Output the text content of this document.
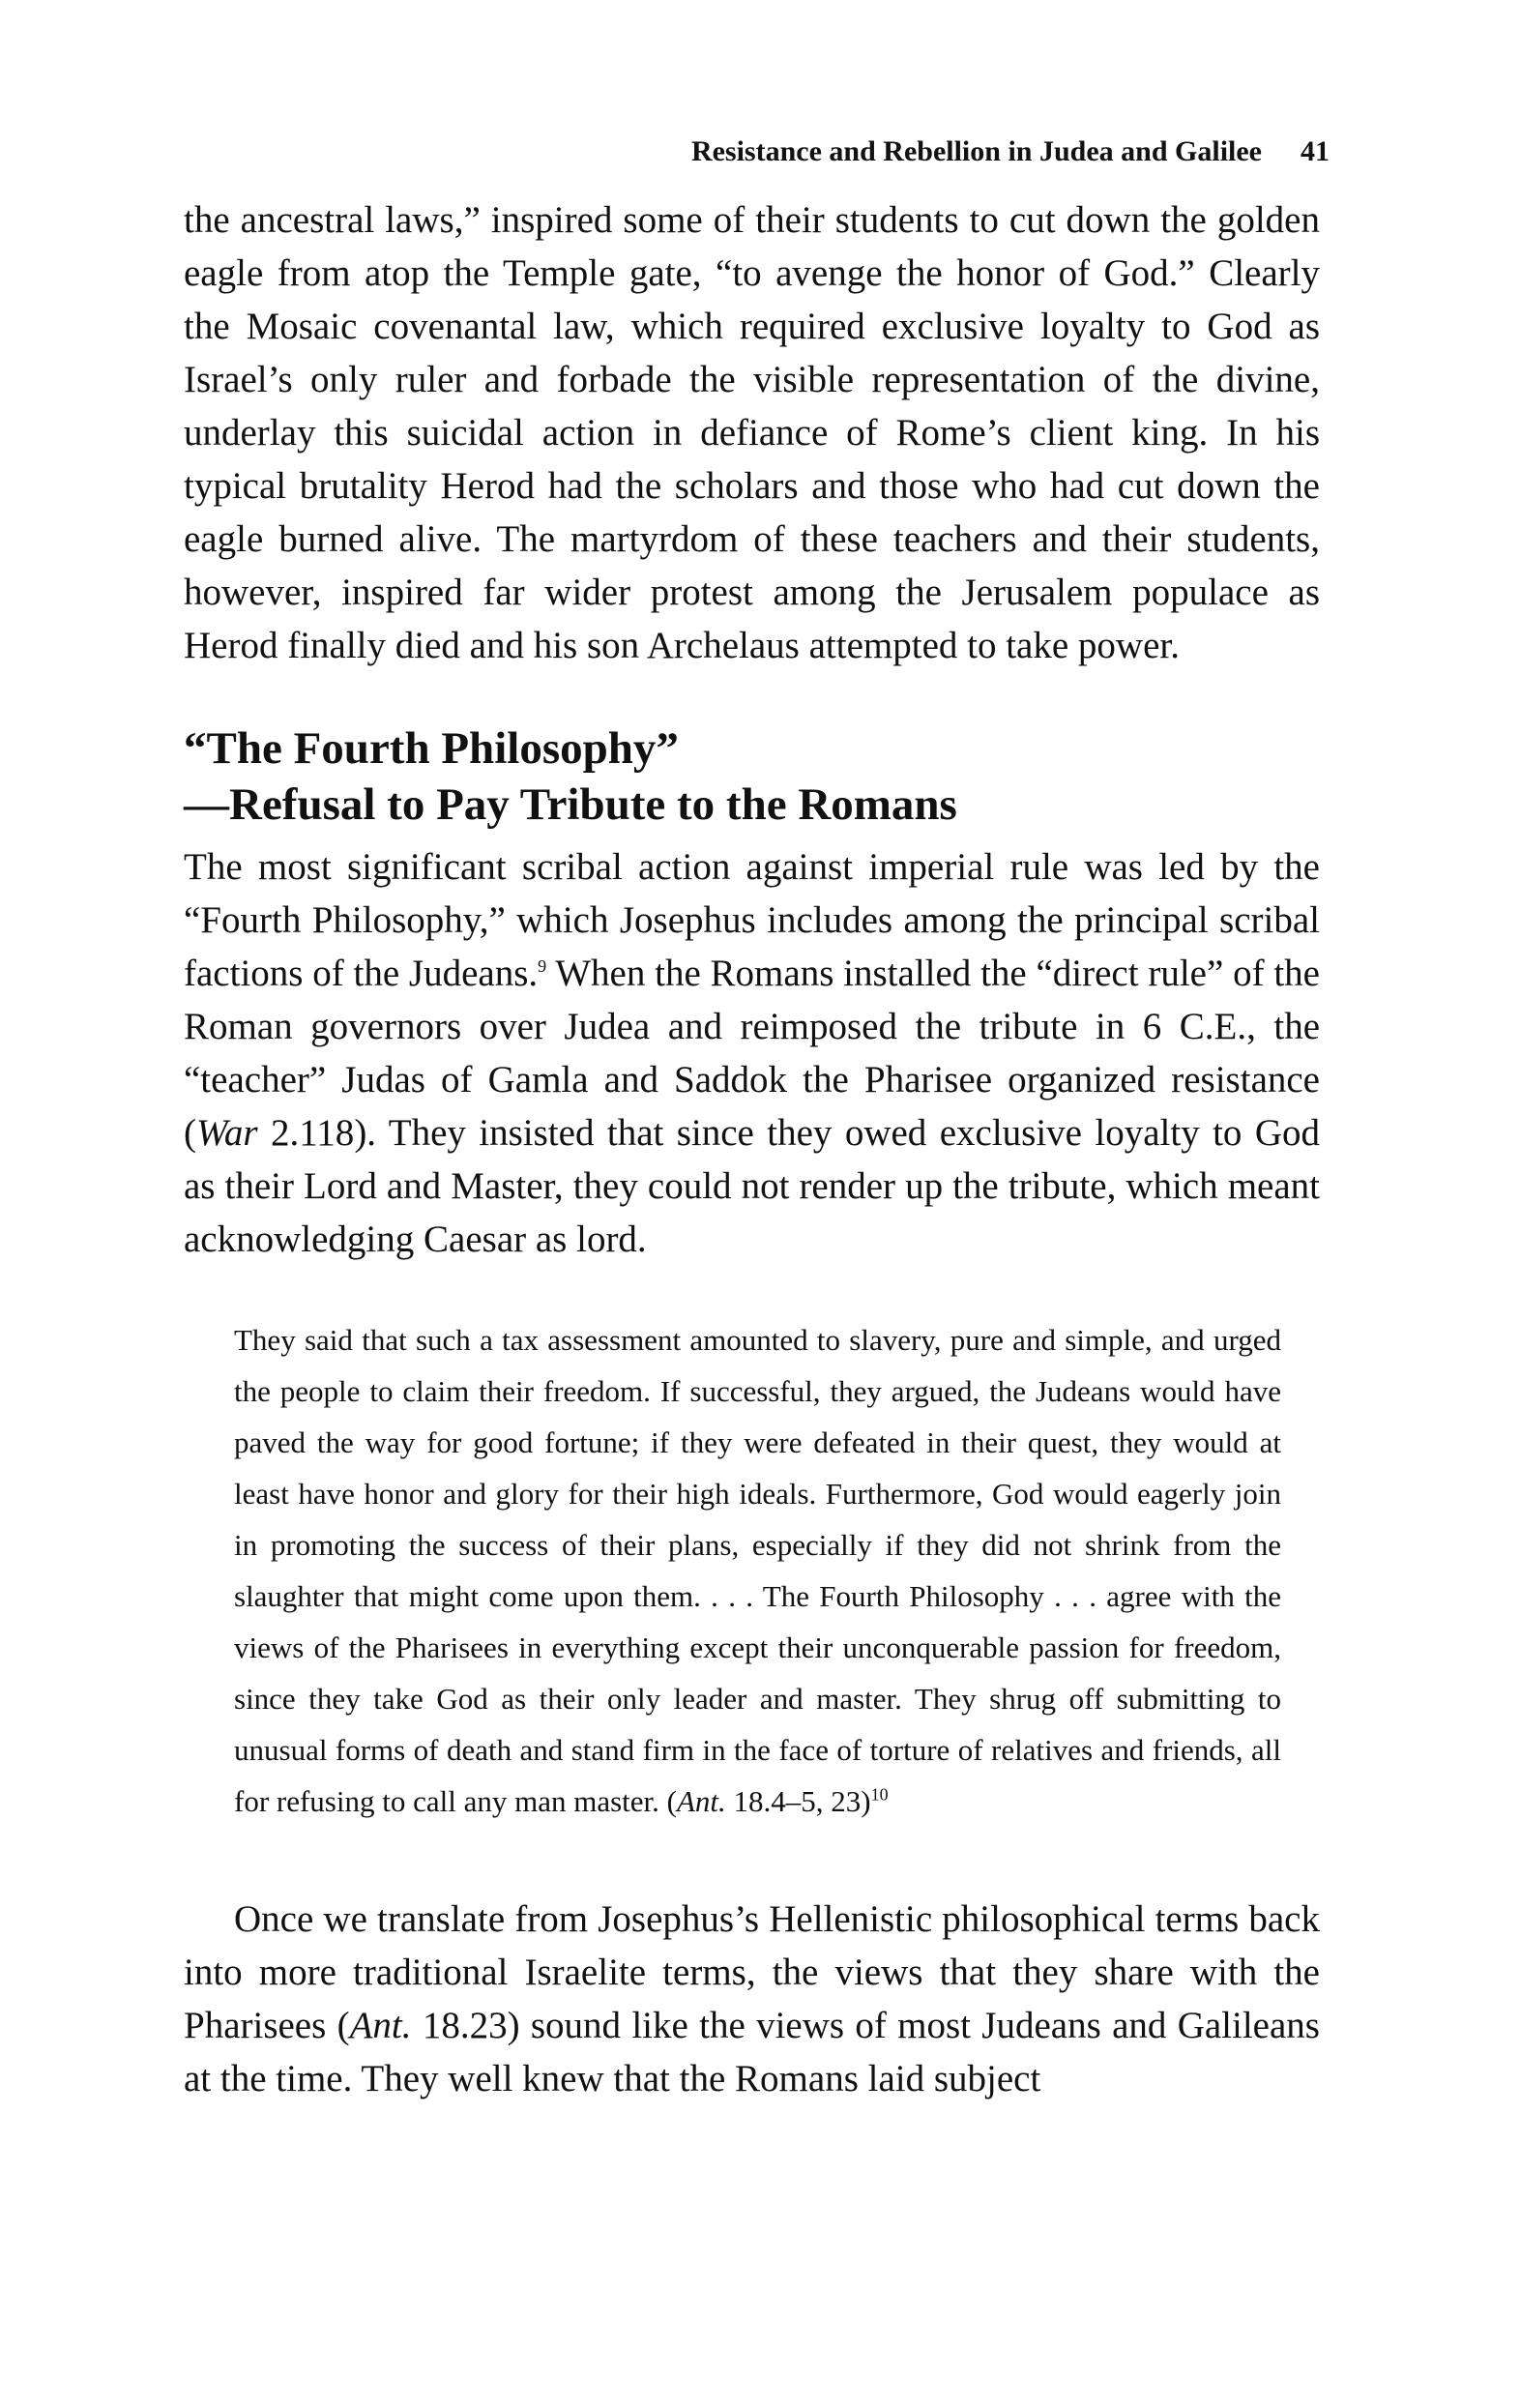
Resistance and Rebellion in Judea and Galilee 41

the ancestral laws,” inspired some of their students to cut down the golden eagle from atop the Temple gate, “to avenge the honor of God.” Clearly the Mosaic covenantal law, which required exclusive loyalty to God as Israel’s only ruler and forbade the visible representation of the divine, underlay this suicidal action in defiance of Rome’s client king. In his typical brutality Herod had the scholars and those who had cut down the eagle burned alive. The martyrdom of these teachers and their students, however, inspired far wider protest among the Jerusalem populace as Herod finally died and his son Archelaus attempted to take power.

“The Fourth Philosophy”
—Refusal to Pay Tribute to the Romans

The most significant scribal action against imperial rule was led by the “Fourth Philosophy,” which Josephus includes among the principal scribal factions of the Judeans.$^9$ When the Romans installed the “direct rule” of the Roman governors over Judea and reimposed the tribute in 6 C.E., the “teacher” Judas of Gamla and Saddok the Pharisee organized resistance (War 2.118). They insisted that since they owed exclusive loyalty to God as their Lord and Master, they could not render up the tribute, which meant acknowledging Caesar as lord.

They said that such a tax assessment amounted to slavery, pure and simple, and urged the people to claim their freedom. If successful, they argued, the Judeans would have paved the way for good fortune; if they were defeated in their quest, they would at least have honor and glory for their high ideals. Furthermore, God would eagerly join in promoting the success of their plans, especially if they did not shrink from the slaughter that might come upon them. . . . The Fourth Philosophy . . . agree with the views of the Pharisees in everything except their unconquerable passion for freedom, since they take God as their only leader and master. They shrug off submitting to unusual forms of death and stand firm in the face of torture of relatives and friends, all for refusing to call any man master. (Ant. 18.4–5, 23)$^{10}$

Once we translate from Josephus’s Hellenistic philosophical terms back into more traditional Israelite terms, the views that they share with the Pharisees (Ant. 18.23) sound like the views of most Judeans and Galileans at the time. They well knew that the Romans laid subject
